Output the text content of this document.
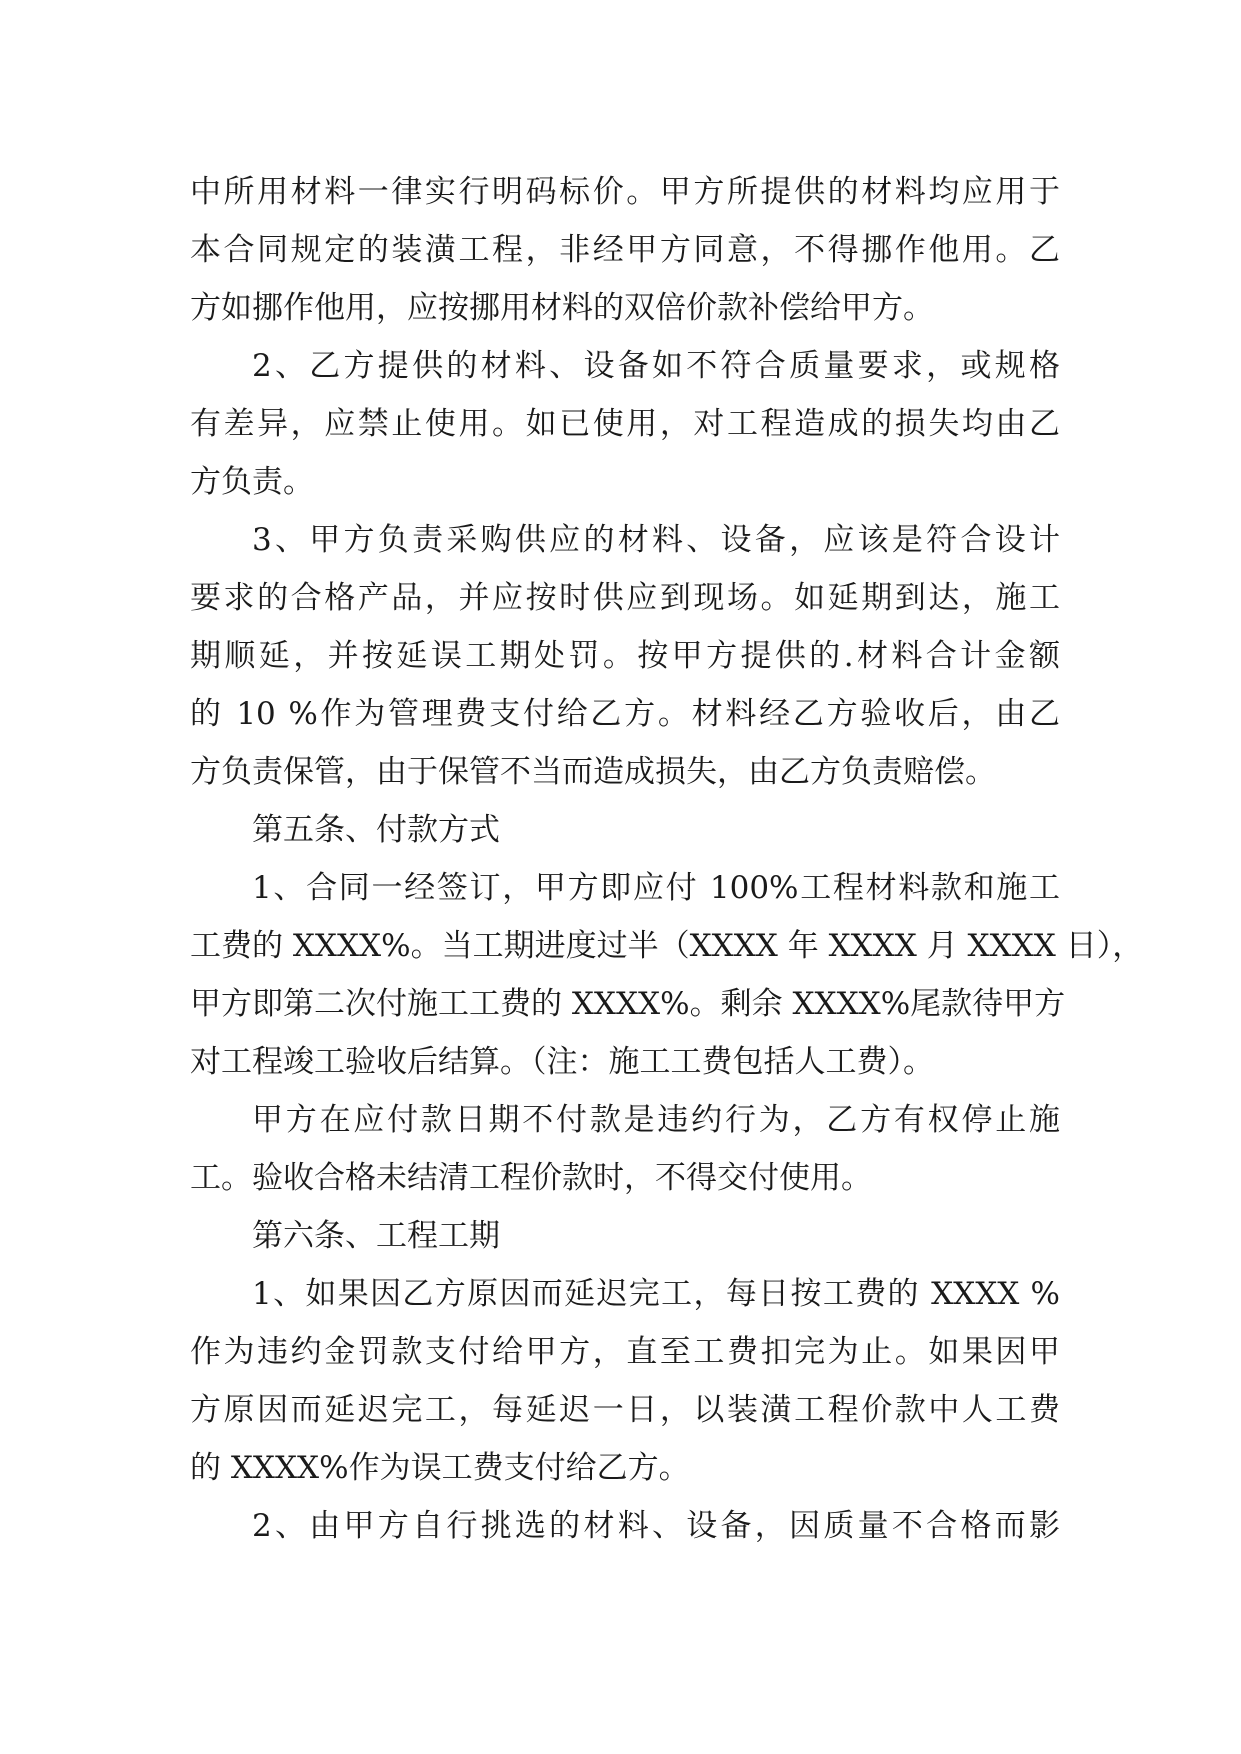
中所用材料一律实行明码标价。甲方所提供的材料均应用于
本合同规定的装潢工程，非经甲方同意，不得挪作他用。乙
方如挪作他用，应按挪用材料的双倍价款补偿给甲方。
2、乙方提供的材料、设备如不符合质量要求，或规格
有差异，应禁止使用。如已使用，对工程造成的损失均由乙
方负责。
3、甲方负责采购供应的材料、设备，应该是符合设计
要求的合格产品，并应按时供应到现场。如延期到达，施工
期顺延，并按延误工期处罚。按甲方提供的.材料合计金额
的 10 %作为管理费支付给乙方。材料经乙方验收后，由乙
方负责保管，由于保管不当而造成损失，由乙方负责赔偿。
第五条、付款方式
1、合同一经签订，甲方即应付 100%工程材料款和施工
工费的 XXXX%。当工期进度过半（XXXX 年 XXXX 月 XXXX 日），
甲方即第二次付施工工费的 XXXX%。剩余 XXXX%尾款待甲方
对工程竣工验收后结算。（注：施工工费包括人工费）。
甲方在应付款日期不付款是违约行为，乙方有权停止施
工。验收合格未结清工程价款时，不得交付使用。
第六条、工程工期
1、如果因乙方原因而延迟完工，每日按工费的 XXXX %
作为违约金罚款支付给甲方，直至工费扣完为止。如果因甲
方原因而延迟完工，每延迟一日，以装潢工程价款中人工费
的 XXXX%作为误工费支付给乙方。
2、由甲方自行挑选的材料、设备，因质量不合格而影
